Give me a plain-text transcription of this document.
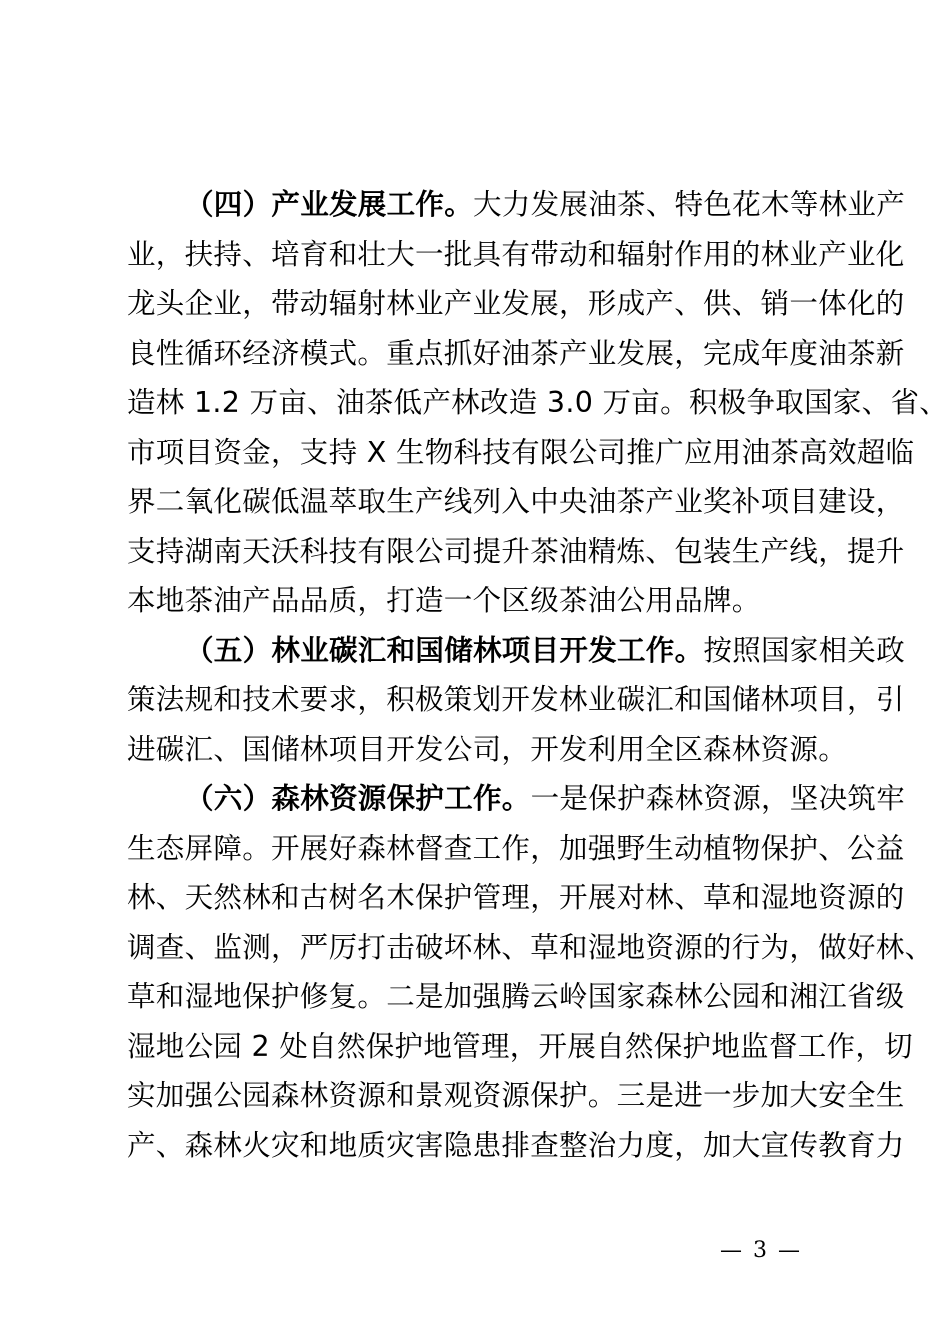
（四）产业发展工作。大力发展油茶、特色花木等林业产
业，扶持、培育和壮大一批具有带动和辐射作用的林业产业化
龙头企业，带动辐射林业产业发展，形成产、供、销一体化的
良性循环经济模式。重点抓好油茶产业发展，完成年度油茶新
造林 1.2 万亩、油茶低产林改造 3.0 万亩。积极争取国家、省、
市项目资金，支持 X 生物科技有限公司推广应用油茶高效超临
界二氧化碳低温萃取生产线列入中央油茶产业奖补项目建设，
支持湖南天沃科技有限公司提升茶油精炼、包装生产线，提升
本地茶油产品品质，打造一个区级茶油公用品牌。
（五）林业碳汇和国储林项目开发工作。按照国家相关政
策法规和技术要求，积极策划开发林业碳汇和国储林项目，引
进碳汇、国储林项目开发公司，开发利用全区森林资源。
（六）森林资源保护工作。一是保护森林资源，坚决筑牢
生态屏障。开展好森林督查工作，加强野生动植物保护、公益
林、天然林和古树名木保护管理，开展对林、草和湿地资源的
调查、监测，严厉打击破坏林、草和湿地资源的行为，做好林、
草和湿地保护修复。二是加强腾云岭国家森林公园和湘江省级
湿地公园 2 处自然保护地管理，开展自然保护地监督工作，切
实加强公园森林资源和景观资源保护。三是进一步加大安全生
产、森林火灾和地质灾害隐患排查整治力度，加大宣传教育力
— 3 —
